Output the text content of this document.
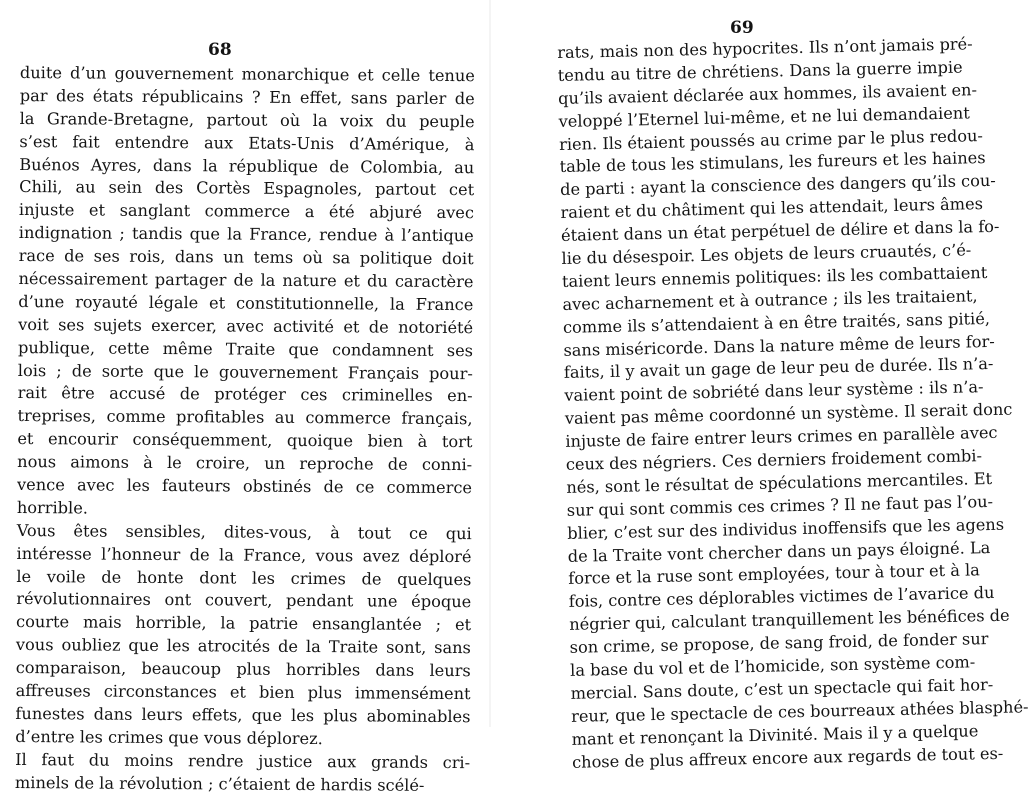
68
duite d’un gouvernement monarchique et celle tenue
par des états républicains ? En effet, sans parler de
la Grande-Bretagne, partout où la voix du peuple
s’est fait entendre aux Etats-Unis d’Amérique, à
Buénos Ayres, dans la république de Colombia, au
Chili, au sein des Cortès Espagnoles, partout cet
injuste et sanglant commerce a été abjuré avec
indignation ; tandis que la France, rendue à l’antique
race de ses rois, dans un tems où sa politique doit
nécessairement partager de la nature et du caractère
d’une royauté légale et constitutionnelle, la France
voit ses sujets exercer, avec activité et de notoriété
publique, cette même Traite que condamnent ses
lois ; de sorte que le gouvernement Français pour-
rait être accusé de protéger ces criminelles en-
treprises, comme profitables au commerce français,
et encourir conséquemment, quoique bien à tort
nous aimons à le croire, un reproche de conni-
vence avec les fauteurs obstinés de ce commerce
horrible.
Vous êtes sensibles, dites-vous, à tout ce qui
intéresse l’honneur de la France, vous avez déploré
le voile de honte dont les crimes de quelques
révolutionnaires ont couvert, pendant une époque
courte mais horrible, la patrie ensanglantée ; et
vous oubliez que les atrocités de la Traite sont, sans
comparaison, beaucoup plus horribles dans leurs
affreuses circonstances et bien plus immensément
funestes dans leurs effets, que les plus abominables
d’entre les crimes que vous déplorez.
Il faut du moins rendre justice aux grands cri-
minels de la révolution ; c’étaient de hardis scélé-
69
rats, mais non des hypocrites. Ils n’ont jamais pré-
tendu au titre de chrétiens. Dans la guerre impie
qu’ils avaient déclarée aux hommes, ils avaient en-
veloppé l’Eternel lui-même, et ne lui demandaient
rien. Ils étaient poussés au crime par le plus redou-
table de tous les stimulans, les fureurs et les haines
de parti : ayant la conscience des dangers qu’ils cou-
raient et du châtiment qui les attendait, leurs âmes
étaient dans un état perpétuel de délire et dans la fo-
lie du désespoir. Les objets de leurs cruautés, c’é-
taient leurs ennemis politiques: ils les combattaient
avec acharnement et à outrance ; ils les traitaient,
comme ils s’attendaient à en être traités, sans pitié,
sans miséricorde. Dans la nature même de leurs for-
faits, il y avait un gage de leur peu de durée. Ils n’a-
vaient point de sobriété dans leur système : ils n’a-
vaient pas même coordonné un système. Il serait donc
injuste de faire entrer leurs crimes en parallèle avec
ceux des négriers. Ces derniers froidement combi-
nés, sont le résultat de spéculations mercantiles. Et
sur qui sont commis ces crimes ? Il ne faut pas l’ou-
blier, c’est sur des individus inoffensifs que les agens
de la Traite vont chercher dans un pays éloigné. La
force et la ruse sont employées, tour à tour et à la
fois, contre ces déplorables victimes de l’avarice du
négrier qui, calculant tranquillement les bénéfices de
son crime, se propose, de sang froid, de fonder sur
la base du vol et de l’homicide, son système com-
mercial. Sans doute, c’est un spectacle qui fait hor-
reur, que le spectacle de ces bourreaux athées blasphé-
mant et renonçant la Divinité. Mais il y a quelque
chose de plus affreux encore aux regards de tout es-
